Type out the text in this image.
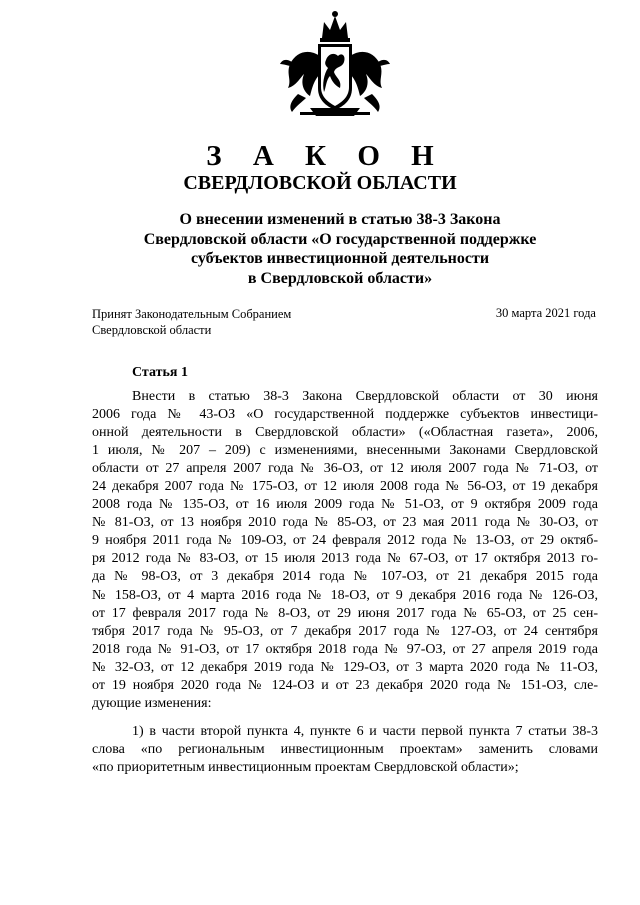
З А К О Н
СВЕРДЛОВСКОЙ ОБЛАСТИ
О внесении изменений в статью 38-3 Закона
Свердловской области «О государственной поддержке
субъектов инвестиционной деятельности
в Свердловской области»
Принят Законодательным Собранием
Свердловской области
30 марта 2021 года
Статья 1
Внести в статью 38-3 Закона Свердловской области от 30 июня
2006 года № 43-ОЗ «О государственной поддержке субъектов инвестици-
онной деятельности в Свердловской области» («Областная газета», 2006,
1 июля, № 207 – 209) с изменениями, внесенными Законами Свердловской
области от 27 апреля 2007 года № 36-ОЗ, от 12 июля 2007 года № 71-ОЗ, от
24 декабря 2007 года № 175-ОЗ, от 12 июля 2008 года № 56-ОЗ, от 19 декабря
2008 года № 135-ОЗ, от 16 июля 2009 года № 51-ОЗ, от 9 октября 2009 года
№ 81-ОЗ, от 13 ноября 2010 года № 85-ОЗ, от 23 мая 2011 года № 30-ОЗ, от
9 ноября 2011 года № 109-ОЗ, от 24 февраля 2012 года № 13-ОЗ, от 29 октяб-
ря 2012 года № 83-ОЗ, от 15 июля 2013 года № 67-ОЗ, от 17 октября 2013 го-
да № 98-ОЗ, от 3 декабря 2014 года № 107-ОЗ, от 21 декабря 2015 года
№ 158-ОЗ, от 4 марта 2016 года № 18-ОЗ, от 9 декабря 2016 года № 126-ОЗ,
от 17 февраля 2017 года № 8-ОЗ, от 29 июня 2017 года № 65-ОЗ, от 25 сен-
тября 2017 года № 95-ОЗ, от 7 декабря 2017 года № 127-ОЗ, от 24 сентября
2018 года № 91-ОЗ, от 17 октября 2018 года № 97-ОЗ, от 27 апреля 2019 года
№ 32-ОЗ, от 12 декабря 2019 года № 129-ОЗ, от 3 марта 2020 года № 11-ОЗ,
от 19 ноября 2020 года № 124-ОЗ и от 23 декабря 2020 года № 151-ОЗ, сле-
дующие изменения:
1) в части второй пункта 4, пункте 6 и части первой пункта 7 статьи 38-3
слова «по региональным инвестиционным проектам» заменить словами
«по приоритетным инвестиционным проектам Свердловской области»;
